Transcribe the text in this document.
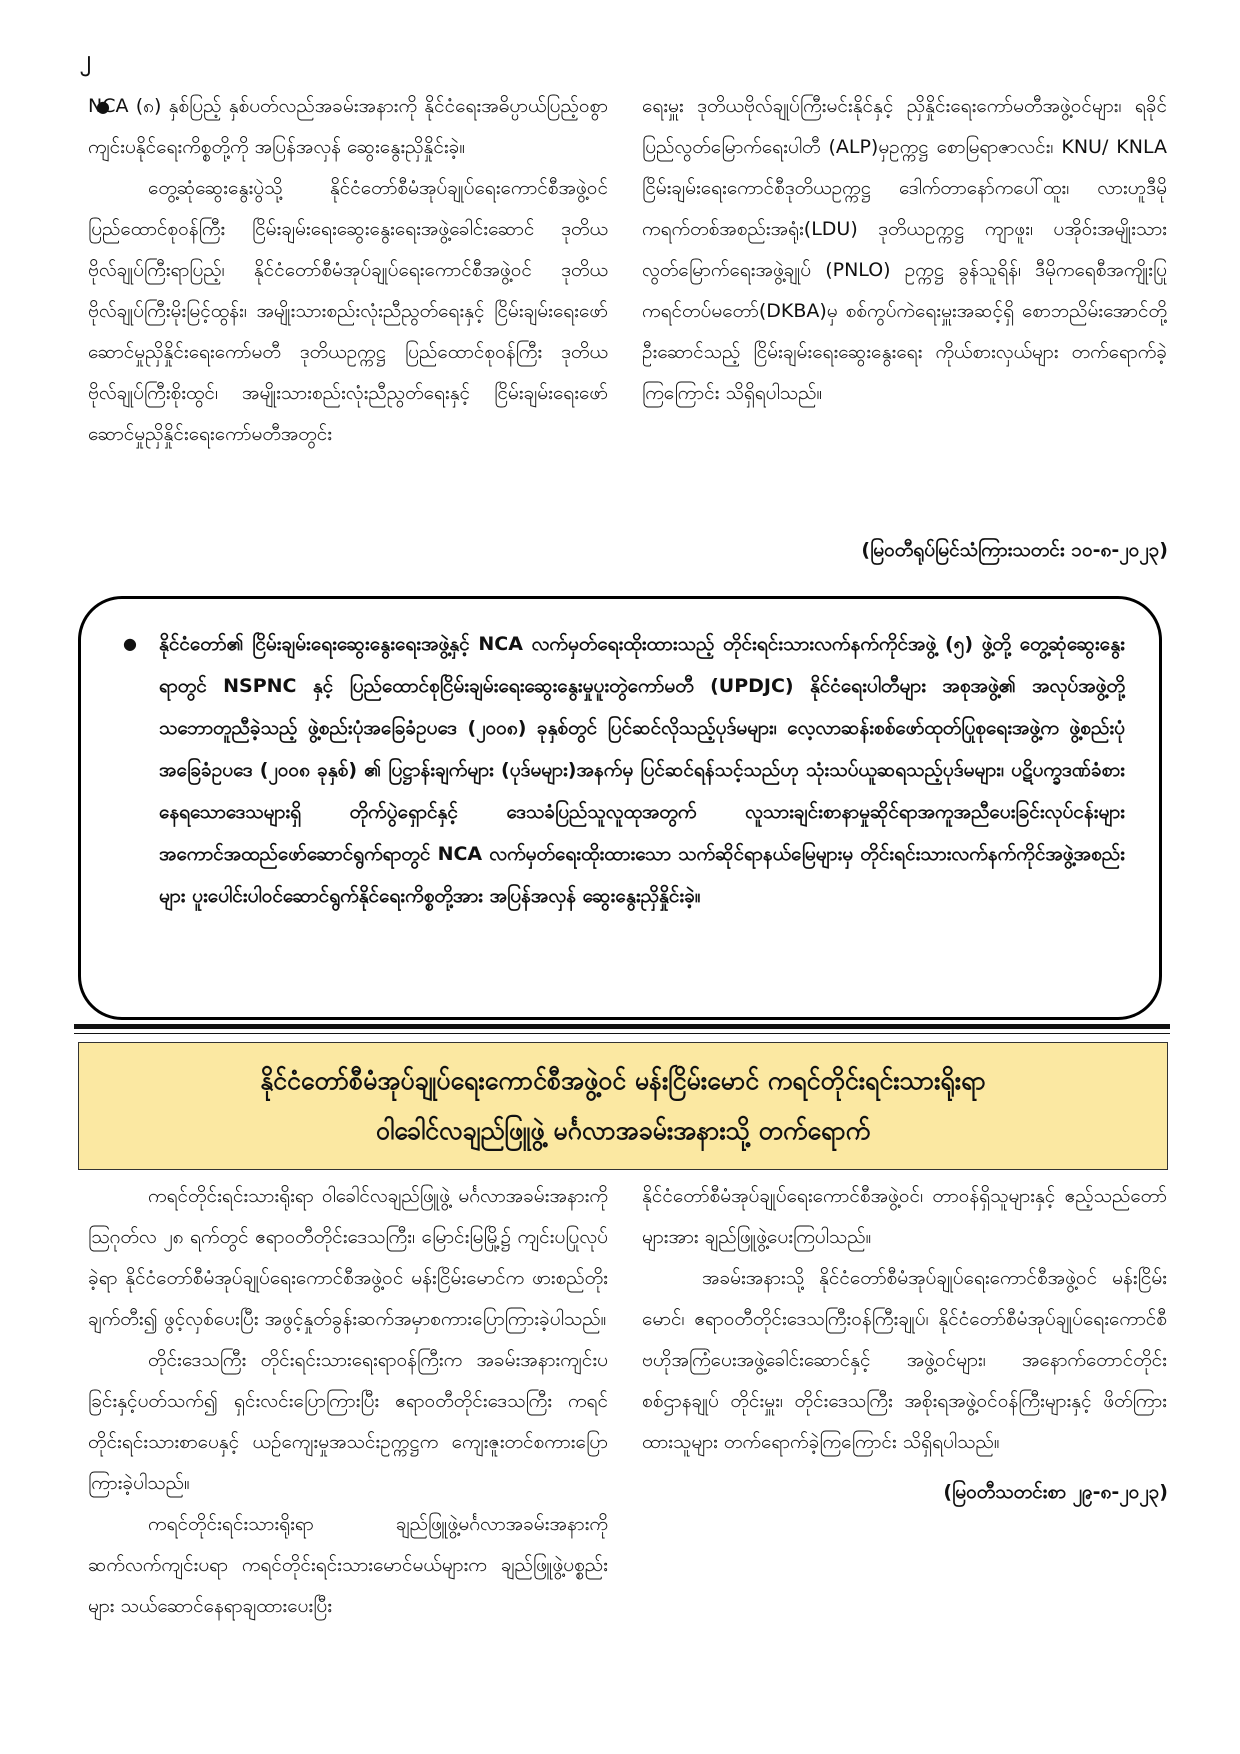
၂

● NCA (၈) နှစ်ပြည့် နှစ်ပတ်လည်အခမ်းအနားကို နိုင်ငံရေးအဓိပ္ပာယ်ပြည့်ဝစွာ ကျင်းပနိုင်ရေးကိစ္စတို့ကို အပြန်အလှန် ဆွေးနွေးညှိနှိုင်းခဲ့။

တွေ့ဆုံဆွေးနွေးပွဲသို့ နိုင်ငံတော်စီမံအုပ်ချုပ်ရေးကောင်စီအဖွဲ့ဝင် ပြည်ထောင်စုဝန်ကြီး ငြိမ်းချမ်းရေးဆွေးနွေးရေးအဖွဲ့ခေါင်းဆောင် ဒုတိယဗိုလ်ချုပ်ကြီးရာပြည့်၊ နိုင်ငံတော်စီမံအုပ်ချုပ်ရေးကောင်စီအဖွဲ့ဝင် ဒုတိယဗိုလ်ချုပ်ကြီးမိုးမြင့်ထွန်း၊ အမျိုးသားစည်းလုံးညီညွတ်ရေးနှင့် ငြိမ်းချမ်းရေးဖော်ဆောင်မှုညှိနှိုင်းရေးကော်မတီ ဒုတိယဥက္ကဋ္ဌ ပြည်ထောင်စုဝန်ကြီး ဒုတိယဗိုလ်ချုပ်ကြီးစိုးထွင်၊ အမျိုးသားစည်းလုံးညီညွတ်ရေးနှင့် ငြိမ်းချမ်းရေးဖော်ဆောင်မှုညှိနှိုင်းရေးကော်မတီအတွင်း

ရေးမှူး ဒုတိယဗိုလ်ချုပ်ကြီးမင်းနိုင်နှင့် ညှိနှိုင်းရေးကော်မတီအဖွဲ့ဝင်များ၊ ရခိုင်ပြည်လွတ်မြောက်ရေးပါတီ (ALP)မှဥက္ကဋ္ဌ စောမြရာဇာလင်း၊ KNU/ KNLA ငြိမ်းချမ်းရေးကောင်စီဒုတိယဥက္ကဋ္ဌ ဒေါက်တာနော်ကပေါ်ထူး၊ လားဟူဒီမိုကရက်တစ်အစည်းအရုံး(LDU) ဒုတိယဥက္ကဋ္ဌ ကျာဖူး၊ ပအိုဝ်းအမျိုးသားလွတ်မြောက်ရေးအဖွဲ့ချုပ် (PNLO) ဥက္ကဋ္ဌ ခွန်သူရိန်၊ ဒီမိုကရေစီအကျိုးပြုကရင်တပ်မတော်(DKBA)မှ စစ်ကွပ်ကဲရေးမှူးအဆင့်ရှိ စောဘညိမ်းအောင်တို့ ဦးဆောင်သည့် ငြိမ်းချမ်းရေးဆွေးနွေးရေး ကိုယ်စားလှယ်များ တက်ရောက်ခဲ့ကြကြောင်း သိရှိရပါသည်။

(မြဝတီရုပ်မြင်သံကြားသတင်း ၁၀-၈-၂၀၂၃)

● နိုင်ငံတော်၏ ငြိမ်းချမ်းရေးဆွေးနွေးရေးအဖွဲ့နှင့် NCA လက်မှတ်ရေးထိုးထားသည့် တိုင်းရင်းသားလက်နက်ကိုင်အဖွဲ့ (၅) ဖွဲ့တို့ တွေ့ဆုံဆွေးနွေးရာတွင် NSPNC နှင့် ပြည်ထောင်စုငြိမ်းချမ်းရေးဆွေးနွေးမှုပူးတွဲကော်မတီ (UPDJC) နိုင်ငံရေးပါတီများ အစုအဖွဲ့၏ အလုပ်အဖွဲ့တို့ သဘောတူညီခဲ့သည့် ဖွဲ့စည်းပုံအခြေခံဥပဒေ (၂၀၀၈) ခုနှစ်တွင် ပြင်ဆင်လိုသည့်ပုဒ်မများ၊ လေ့လာဆန်းစစ်ဖော်ထုတ်ပြုစုရေးအဖွဲ့က ဖွဲ့စည်းပုံအခြေခံဥပဒေ (၂၀၀၈ ခုနှစ်) ၏ ပြဋ္ဌာန်းချက်များ (ပုဒ်မများ)အနက်မှ ပြင်ဆင်ရန်သင့်သည်ဟု သုံးသပ်ယူဆရသည့်ပုဒ်မများ၊ ပဋိပက္ခဒဏ်ခံစားနေရသောဒေသများရှိ တိုက်ပွဲရှောင်နှင့် ဒေသခံပြည်သူလူထုအတွက် လူသားချင်းစာနာမှုဆိုင်ရာအကူအညီပေးခြင်းလုပ်ငန်းများ အကောင်အထည်ဖော်ဆောင်ရွက်ရာတွင် NCA လက်မှတ်ရေးထိုးထားသော သက်ဆိုင်ရာနယ်မြေများမှ တိုင်းရင်းသားလက်နက်ကိုင်အဖွဲ့အစည်းများ ပူးပေါင်းပါဝင်ဆောင်ရွက်နိုင်ရေးကိစ္စတို့အား အပြန်အလှန် ဆွေးနွေးညှိနှိုင်းခဲ့။

နိုင်ငံတော်စီမံအုပ်ချုပ်ရေးကောင်စီအဖွဲ့ဝင် မန်းငြိမ်းမောင် ကရင်တိုင်းရင်းသားရိုးရာ
ဝါခေါင်လချည်ဖြူဖွဲ့ မင်္ဂလာအခမ်းအနားသို့ တက်ရောက်

ကရင်တိုင်းရင်းသားရိုးရာ ဝါခေါင်လချည်ဖြူဖွဲ့ မင်္ဂလာအခမ်းအနားကို ဩဂုတ်လ ၂၈ ရက်တွင် ဧရာဝတီတိုင်းဒေသကြီး၊ မြောင်းမြမြို့၌ ကျင်းပပြုလုပ်ခဲ့ရာ နိုင်ငံတော်စီမံအုပ်ချုပ်ရေးကောင်စီအဖွဲ့ဝင် မန်းငြိမ်းမောင်က ဖားစည်တိုးချက်တီး၍ ဖွင့်လှစ်ပေးပြီး အဖွင့်နှုတ်ခွန်းဆက်အမှာစကားပြောကြားခဲ့ပါသည်။

တိုင်းဒေသကြီး တိုင်းရင်းသားရေးရာဝန်ကြီးက အခမ်းအနားကျင်းပခြင်းနှင့်ပတ်သက်၍ ရှင်းလင်းပြောကြားပြီး ဧရာဝတီတိုင်းဒေသကြီး ကရင်တိုင်းရင်းသားစာပေနှင့် ယဉ်ကျေးမှုအသင်းဥက္ကဋ္ဌက ကျေးဇူးတင်စကားပြောကြားခဲ့ပါသည်။

ကရင်တိုင်းရင်းသားရိုးရာ ချည်ဖြူဖွဲ့မင်္ဂလာအခမ်းအနားကို ဆက်လက်ကျင်းပရာ ကရင်တိုင်းရင်းသားမောင်မယ်များက ချည်ဖြူဖွဲ့ပစ္စည်းများ သယ်ဆောင်နေရာချထားပေးပြီး

နိုင်ငံတော်စီမံအုပ်ချုပ်ရေးကောင်စီအဖွဲ့ဝင်၊ တာဝန်ရှိသူများနှင့် ဧည့်သည်တော်များအား ချည်ဖြူဖွဲ့ပေးကြပါသည်။

အခမ်းအနားသို့ နိုင်ငံတော်စီမံအုပ်ချုပ်ရေးကောင်စီအဖွဲ့ဝင် မန်းငြိမ်းမောင်၊ ဧရာဝတီတိုင်းဒေသကြီးဝန်ကြီးချုပ်၊ နိုင်ငံတော်စီမံအုပ်ချုပ်ရေးကောင်စီ ဗဟိုအကြံပေးအဖွဲ့ခေါင်းဆောင်နှင့် အဖွဲ့ဝင်များ၊ အနောက်တောင်တိုင်းစစ်ဌာနချုပ် တိုင်းမှူး၊ တိုင်းဒေသကြီး အစိုးရအဖွဲ့ဝင်ဝန်ကြီးများနှင့် ဖိတ်ကြားထားသူများ တက်ရောက်ခဲ့ကြကြောင်း သိရှိရပါသည်။

(မြဝတီသတင်းစာ ၂၉-၈-၂၀၂၃)
